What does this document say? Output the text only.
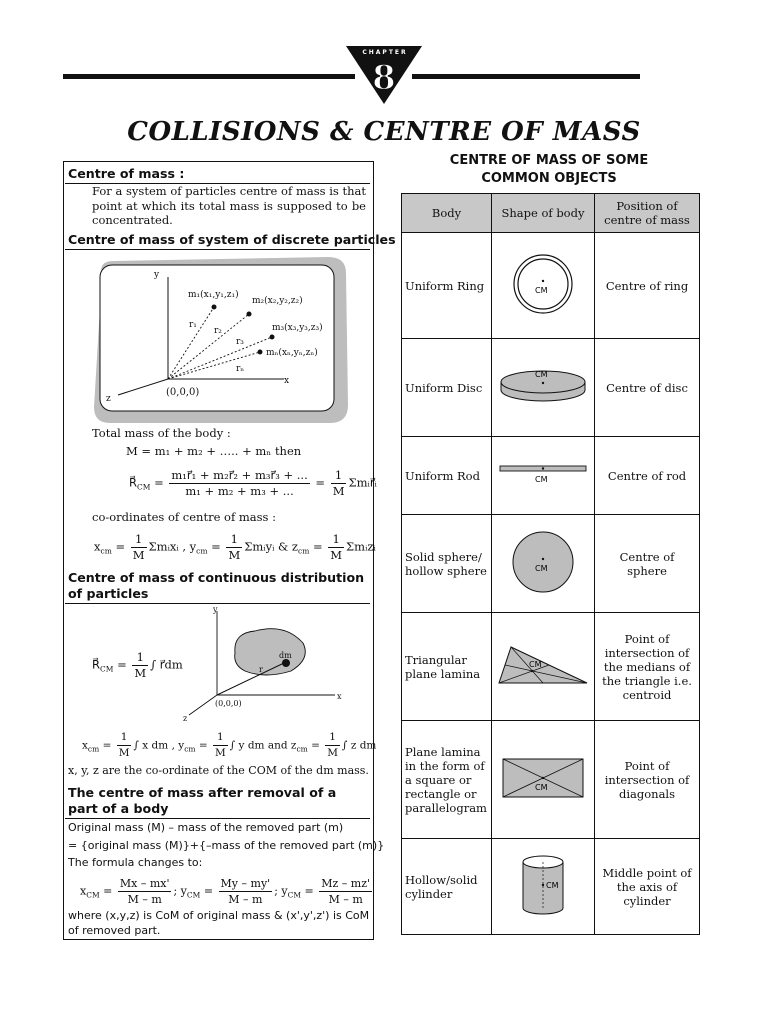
CHAPTER
8
COLLISIONS & CENTRE OF MASS
Centre of mass :
For a system of particles centre of mass is that point at which its total mass is supposed to be concentrated.
Centre of mass of system of discrete particles
y
x
z
(0,0,0)
m₁(x₁,y₁,z₁)
m₂(x₂,y₂,z₂)
m₃(x₃,y₃,z₃)
mₙ(xₙ,yₙ,zₙ)
r₁
r₂
r₃
rₙ
Total mass of the body :
M = m₁ + m₂ + ….. + mₙ then
$R⃗_{CM} = \frac{\text{m₁r⃗₁ + m₂r⃗₂ + m₃r⃗₃ + ...}}{\text{m₁ + m₂ + m₃ + ...}} = \frac{1}{M}$ Σmᵢr⃗ᵢ
co-ordinates of centre of mass :
$x_{cm} = \frac{1}{M}$ Σmᵢxᵢ , $y_{cm} = \frac{1}{M}$ Σmᵢyᵢ & $z_{cm} = \frac{1}{M}$ Σmᵢzᵢ
Centre of mass of continuous distribution of particles
y
x
z
(0,0,0)
dm
r
$R⃗_{CM} = \frac{1}{M}$ ∫ r⃗dm
$x_{cm} = \frac{1}{M}$ ∫ x dm , $y_{cm} = \frac{1}{M}$ ∫ y dm and $z_{cm} = \frac{1}{M}$ ∫ z dm
x, y, z are the co-ordinate of the COM of the dm mass.
The centre of mass after removal of a part of a body
Original mass (M) – mass of the removed part (m)
= {original mass (M)}+{–mass of the removed part (m)}
The formula changes to:
$x_{CM} = \frac{Mx - mx'}{M - m}$ ; $y_{CM} = \frac{My - my'}{M - m}$ ; $y_{CM} = \frac{Mz - mz'}{M - m}$
where (x,y,z) is CoM of original mass & (x',y',z') is CoM of removed part.
CENTRE OF MASS OF SOME
COMMON OBJECTS
Body	Shape of body	Position of centre of mass
Uniform Ring	CM	Centre of ring
Uniform Disc	CM	Centre of disc
Uniform Rod	CM	Centre of rod
Solid sphere/ hollow sphere	CM	Centre of sphere
Triangular plane lamina	CM	Point of intersection of the medians of the triangle i.e. centroid
Plane lamina in the form of a square or rectangle or parallelogram	CM	Point of intersection of diagonals
Hollow/solid cylinder	CM	Middle point of the axis of cylinder
